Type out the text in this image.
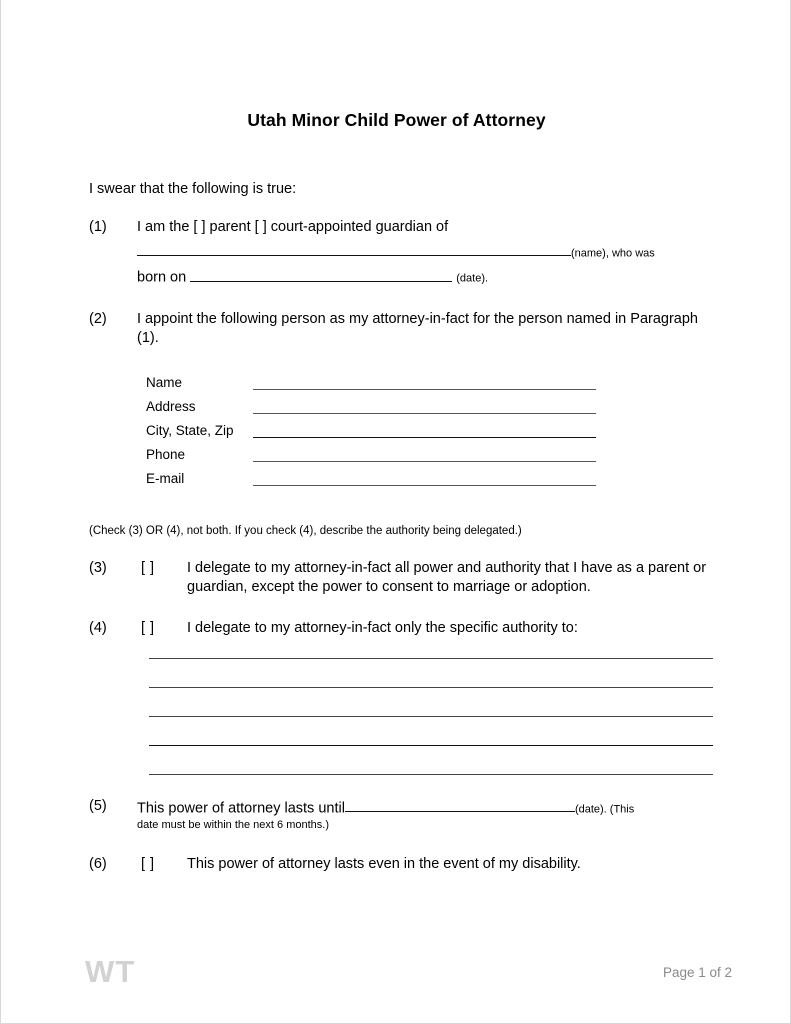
Utah Minor Child Power of Attorney

I swear that the following is true:

(1)	I am the [ ] parent [ ] court-appointed guardian of
(name), who was
born on	(date).
(2)	I appoint the following person as my attorney-in-fact for the person named in Paragraph (1).
Name
Address
City, State, Zip
Phone
E-mail
(Check (3) OR (4), not both. If you check (4), describe the authority being delegated.)
(3)	[ ] I delegate to my attorney-in-fact all power and authority that I have as a parent or guardian, except the power to consent to marriage or adoption.
(4)	[ ] I delegate to my attorney-in-fact only the specific authority to:
(5)	This power of attorney lasts until	(date). (This
date must be within the next 6 months.)
(6)	[ ] This power of attorney lasts even in the event of my disability.
WT	Page 1 of 2
